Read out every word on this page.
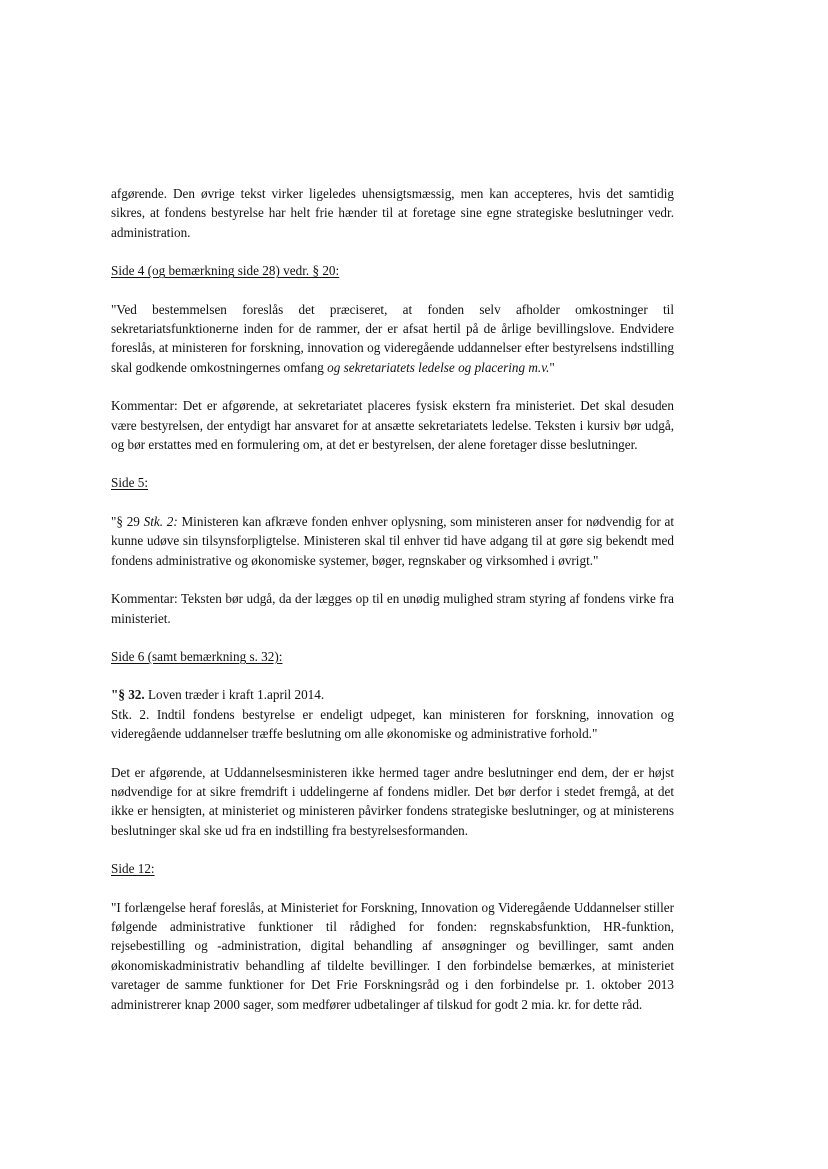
afgørende. Den øvrige tekst virker ligeledes uhensigtsmæssig, men kan accepteres, hvis det samtidig sikres, at fondens bestyrelse har helt frie hænder til at foretage sine egne strategiske beslutninger vedr. administration.

Side 4 (og bemærkning side 28) vedr. § 20:

"Ved bestemmelsen foreslås det præciseret, at fonden selv afholder omkostninger til sekretariatsfunktionerne inden for de rammer, der er afsat hertil på de årlige bevillingslove. Endvidere foreslås, at ministeren for forskning, innovation og videregående uddannelser efter bestyrelsens indstilling skal godkende omkostningernes omfang og sekretariatets ledelse og placering m.v."

Kommentar: Det er afgørende, at sekretariatet placeres fysisk ekstern fra ministeriet. Det skal desuden være bestyrelsen, der entydigt har ansvaret for at ansætte sekretariatets ledelse. Teksten i kursiv bør udgå, og bør erstattes med en formulering om, at det er bestyrelsen, der alene foretager disse beslutninger.

Side 5:

"§ 29 Stk. 2: Ministeren kan afkræve fonden enhver oplysning, som ministeren anser for nødvendig for at kunne udøve sin tilsynsforpligtelse. Ministeren skal til enhver tid have adgang til at gøre sig bekendt med fondens administrative og økonomiske systemer, bøger, regnskaber og virksomhed i øvrigt."

Kommentar: Teksten bør udgå, da der lægges op til en unødig mulighed stram styring af fondens virke fra ministeriet.

Side 6 (samt bemærkning s. 32):

"§ 32. Loven træder i kraft 1.april 2014.
Stk. 2. Indtil fondens bestyrelse er endeligt udpeget, kan ministeren for forskning, innovation og videregående uddannelser træffe beslutning om alle økonomiske og administrative forhold."

Det er afgørende, at Uddannelsesministeren ikke hermed tager andre beslutninger end dem, der er højst nødvendige for at sikre fremdrift i uddelingerne af fondens midler. Det bør derfor i stedet fremgå, at det ikke er hensigten, at ministeriet og ministeren påvirker fondens strategiske beslutninger, og at ministerens beslutninger skal ske ud fra en indstilling fra bestyrelsesformanden.

Side 12:

"I forlængelse heraf foreslås, at Ministeriet for Forskning, Innovation og Videregående Uddannelser stiller følgende administrative funktioner til rådighed for fonden: regnskabsfunktion, HR-funktion, rejsebestilling og -administration, digital behandling af ansøgninger og bevillinger, samt anden økonomiskadministrativ behandling af tildelte bevillinger. I den forbindelse bemærkes, at ministeriet varetager de samme funktioner for Det Frie Forskningsråd og i den forbindelse pr. 1. oktober 2013 administrerer knap 2000 sager, som medfører udbetalinger af tilskud for godt 2 mia. kr. for dette råd.
